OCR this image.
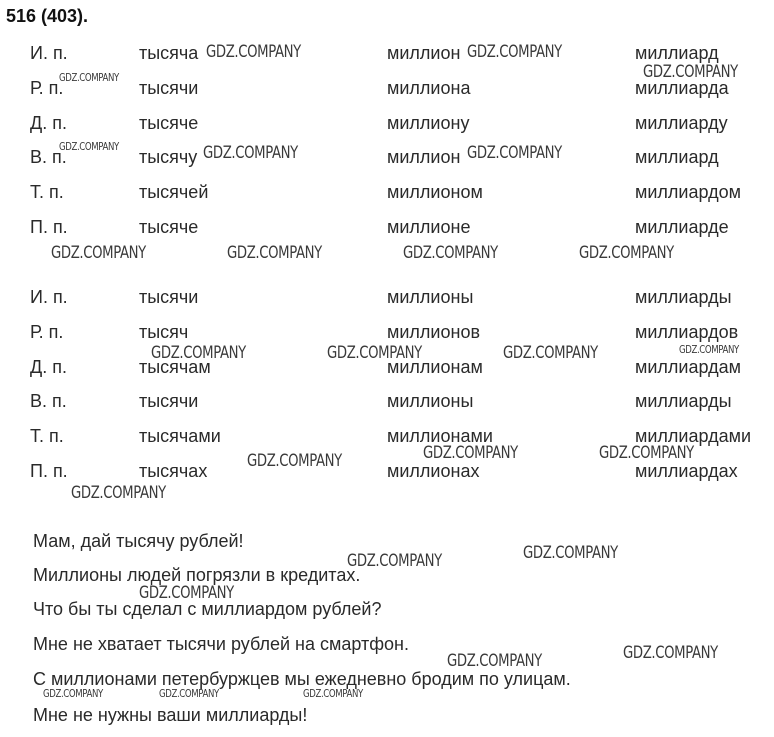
516 (403).
И. п.	тысяча	миллион	миллиард
Р. п.	тысячи	миллиона	миллиарда
Д. п.	тысяче	миллиону	миллиарду
В. п.	тысячу	миллион	миллиард
Т. п.	тысячей	миллионом	миллиардом
П. п.	тысяче	миллионе	миллиарде
И. п.	тысячи	миллионы	миллиарды
Р. п.	тысяч	миллионов	миллиардов
Д. п.	тысячам	миллионам	миллиардам
В. п.	тысячи	миллионы	миллиарды
Т. п.	тысячами	миллионами	миллиардами
П. п.	тысячах	миллионах	миллиардах
Мам, дай тысячу рублей!
Миллионы людей погрязли в кредитах.
Что бы ты сделал с миллиардом рублей?
Мне не хватает тысячи рублей на смартфон.
С миллионами петербуржцев мы ежедневно бродим по улицам.
Мне не нужны ваши миллиарды!
GDZ.COMPANY	GDZ.COMPANY
GDZ.COMPANY
GDZ.COMPANY
GDZ.COMPANY	GDZ.COMPANY	GDZ.COMPANY
GDZ.COMPANY	GDZ.COMPANY	GDZ.COMPANY	GDZ.COMPANY
GDZ.COMPANY	GDZ.COMPANY	GDZ.COMPANY	GDZ.COMPANY
GDZ.COMPANY	GDZ.COMPANY	GDZ.COMPANY
GDZ.COMPANY
GDZ.COMPANY	GDZ.COMPANY
GDZ.COMPANY
GDZ.COMPANY	GDZ.COMPANY
GDZ.COMPANY	GDZ.COMPANY	GDZ.COMPANY
